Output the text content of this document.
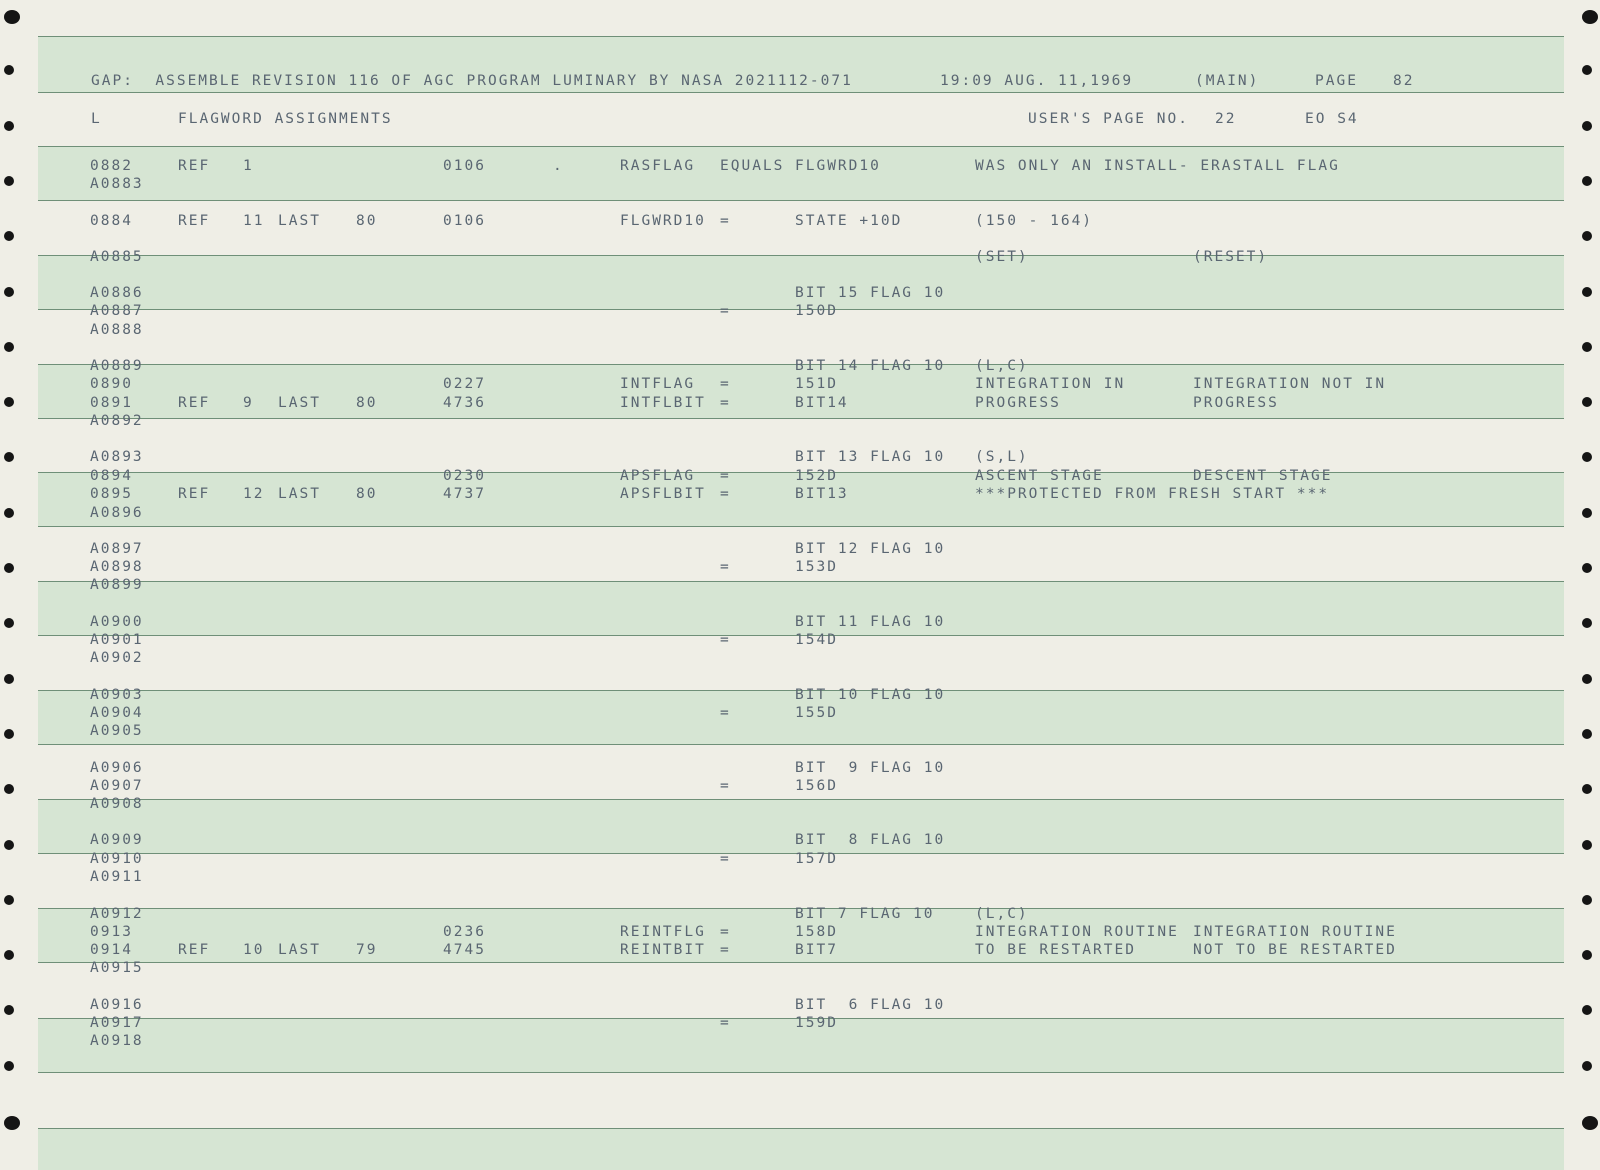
GAP:  ASSEMBLE REVISION 116 OF AGC PROGRAM LUMINARY BY NASA 2021112-071	19:09 AUG. 11,1969	(MAIN)	PAGE 82
L	FLAGWORD ASSIGNMENTS	USER'S PAGE NO. 22	EO S4
0882	REF 1	0106	.	RASFLAG EQUALS FLGWRD10	WAS ONLY AN INSTALL- ERASTALL FLAG
A0883
0884	REF 11 LAST 80	0106	FLGWRD10 =	STATE +10D	(150 - 164)
A0885	(SET)	(RESET)
A0886	BIT 15 FLAG 10
A0887	=	150D
A0888
A0889	BIT 14 FLAG 10 (L,C)
0890	0227	INTFLAG =	151D	INTEGRATION IN	INTEGRATION NOT IN
0891	REF 9 LAST 80	4736	INTFLBIT =	BIT14	PROGRESS	PROGRESS
A0892
A0893	BIT 13 FLAG 10 (S,L)
0894	0230	APSFLAG =	152D	ASCENT STAGE	DESCENT STAGE
0895	REF 12 LAST 80	4737	APSFLBIT =	BIT13	***PROTECTED FROM FRESH START ***
A0896
A0897	BIT 12 FLAG 10
A0898	=	153D
A0899
A0900	BIT 11 FLAG 10
A0901	=	154D
A0902
A0903	BIT 10 FLAG 10
A0904	=	155D
A0905
A0906	BIT  9 FLAG 10
A0907	=	156D
A0908
A0909	BIT  8 FLAG 10
A0910	=	157D
A0911
A0912	BIT 7 FLAG 10	(L,C)
0913	0236	REINTFLG =	158D	INTEGRATION ROUTINE INTEGRATION ROUTINE
0914	REF 10 LAST 79	4745	REINTBIT =	BIT7	TO BE RESTARTED	NOT TO BE RESTARTED
A0915
A0916	BIT  6 FLAG 10
A0917	=	159D
A0918
